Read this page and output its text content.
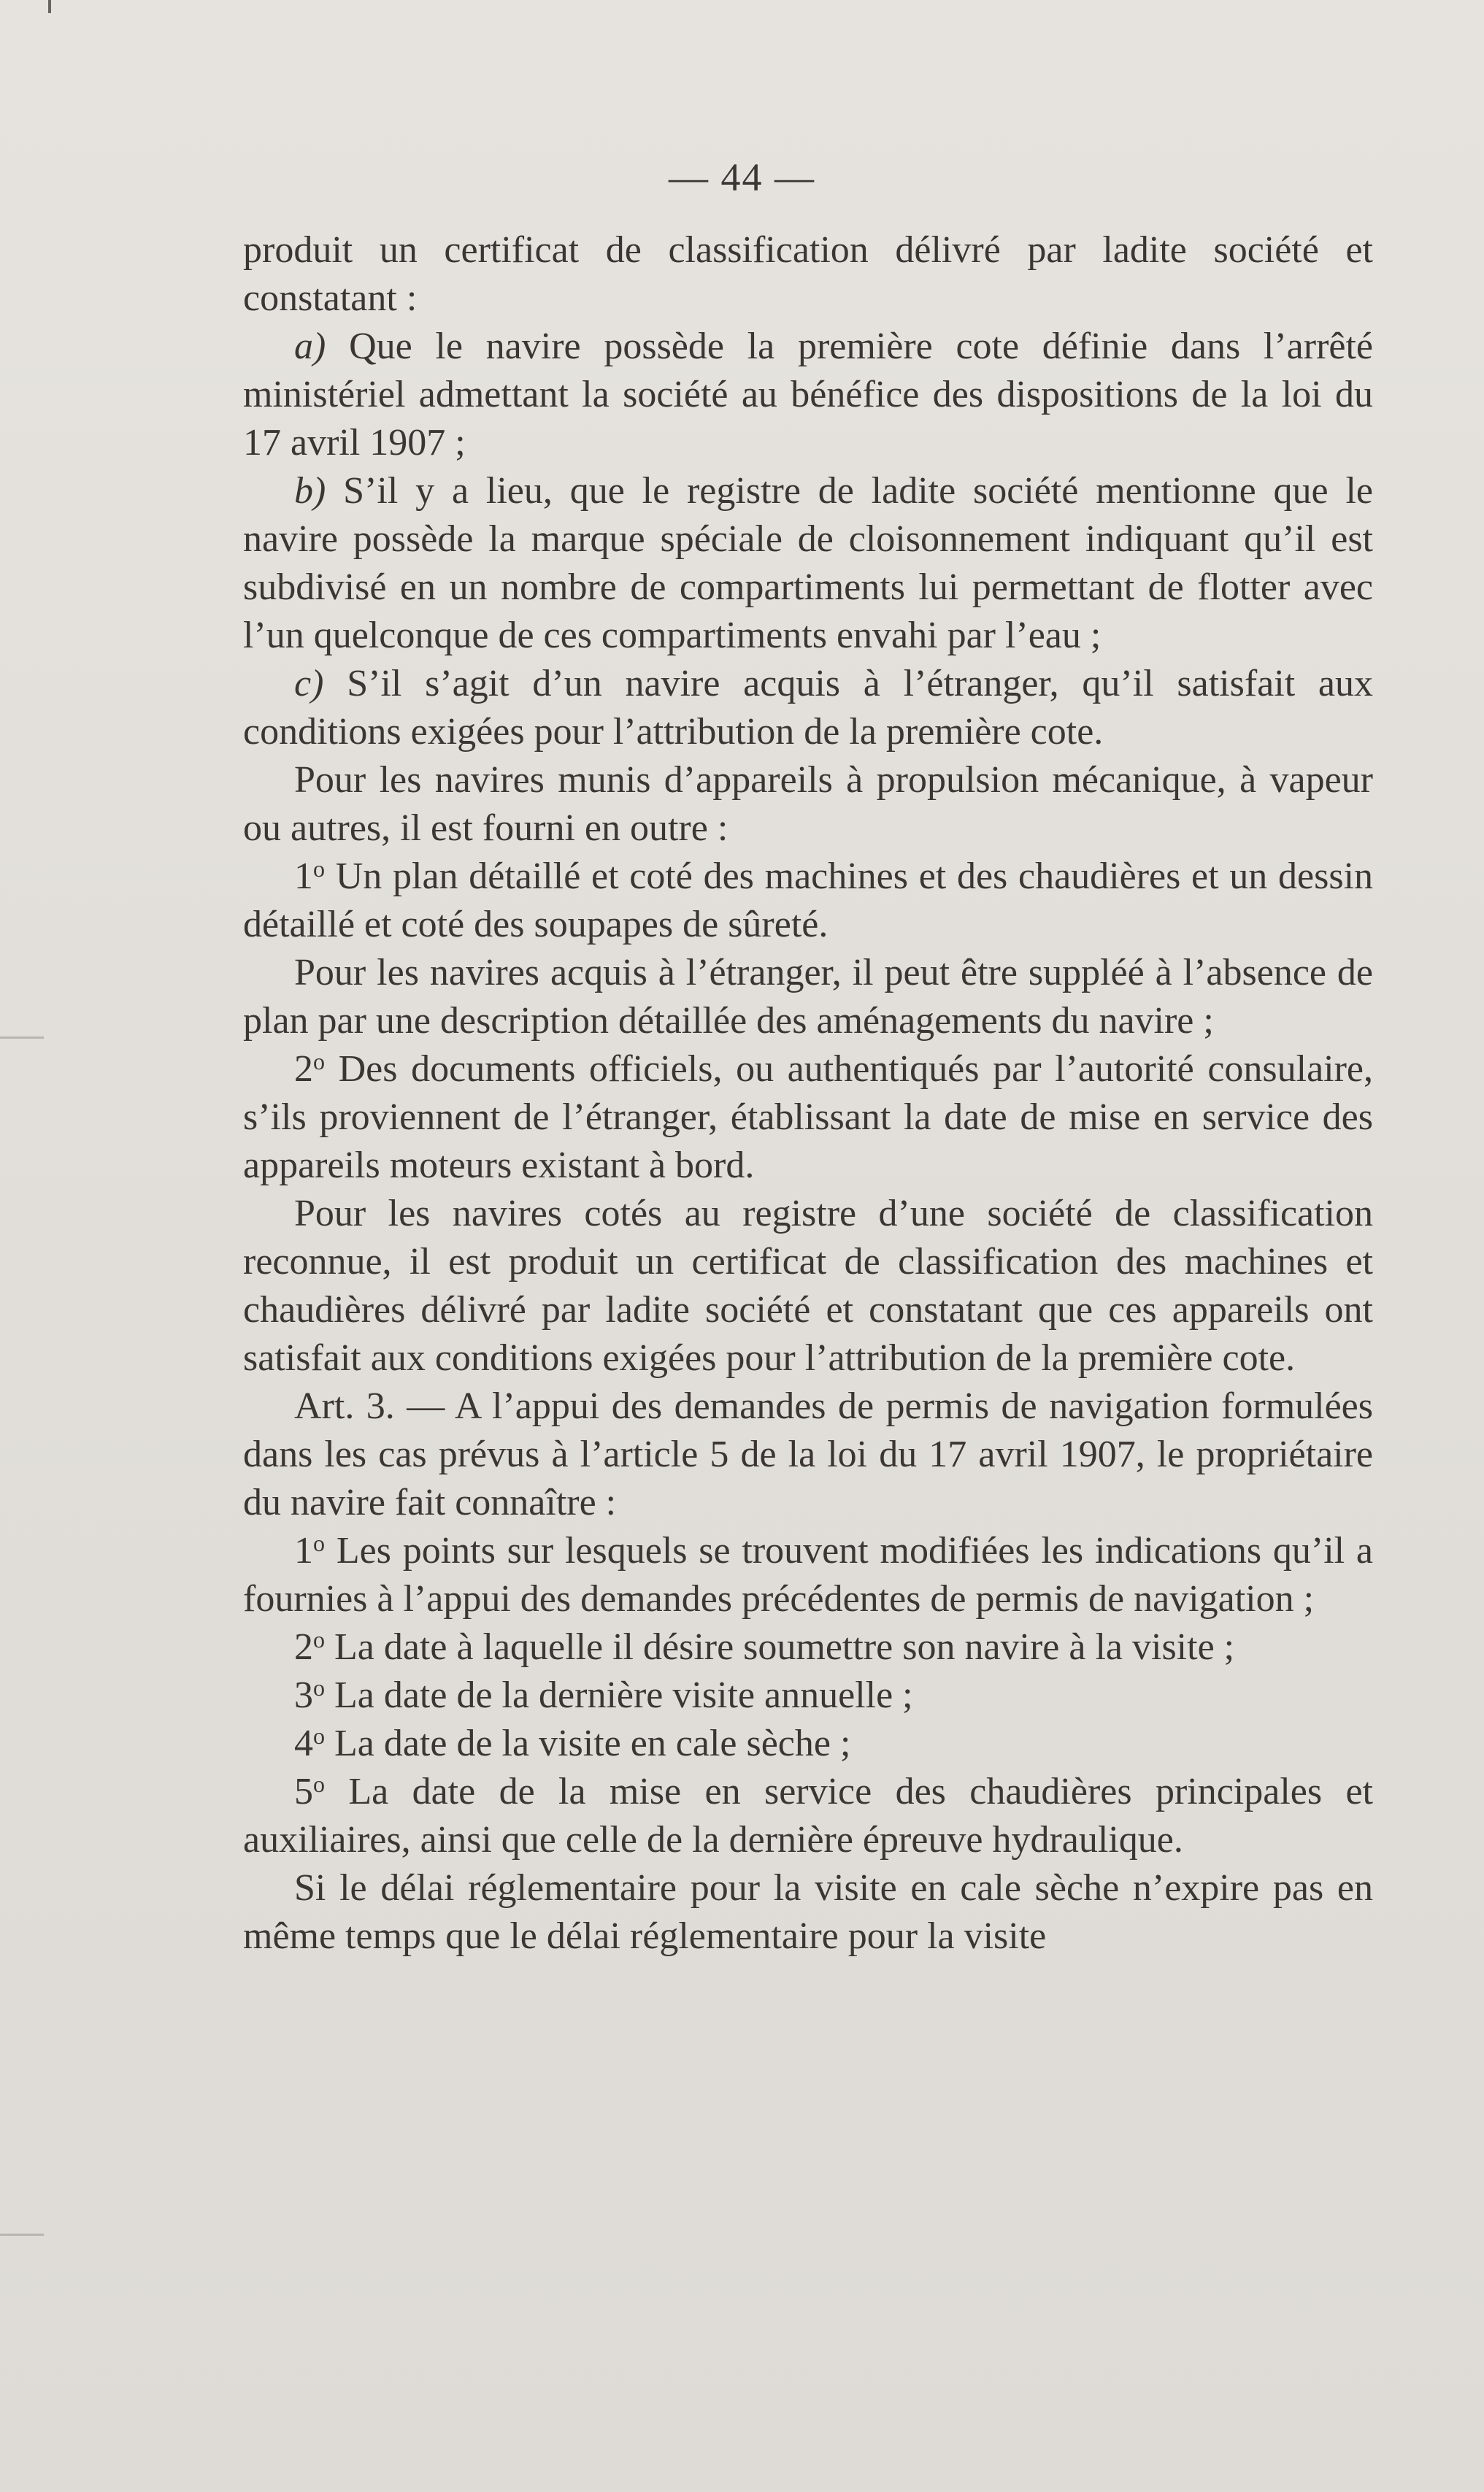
— 44 —

produit un certificat de classification délivré par ladite société et constatant :

a) Que le navire possède la première cote définie dans l’arrêté ministériel admettant la société au bénéfice des dispositions de la loi du 17 avril 1907 ;

b) S’il y a lieu, que le registre de ladite société mentionne que le navire possède la marque spéciale de cloisonnement indiquant qu’il est subdivisé en un nombre de compartiments lui permettant de flotter avec l’un quelconque de ces compartiments envahi par l’eau ;

c) S’il s’agit d’un navire acquis à l’étranger, qu’il satisfait aux conditions exigées pour l’attribution de la première cote.

Pour les navires munis d’appareils à propulsion mécanique, à vapeur ou autres, il est fourni en outre :

1$^o$ Un plan détaillé et coté des machines et des chaudières et un dessin détaillé et coté des soupapes de sûreté.

Pour les navires acquis à l’étranger, il peut être suppléé à l’absence de plan par une description détaillée des aménagements du navire ;

2$^o$ Des documents officiels, ou authentiqués par l’autorité consulaire, s’ils proviennent de l’étranger, établissant la date de mise en service des appareils moteurs existant à bord.

Pour les navires cotés au registre d’une société de classification reconnue, il est produit un certificat de classification des machines et chaudières délivré par ladite société et constatant que ces appareils ont satisfait aux conditions exigées pour l’attribution de la première cote.

Art. 3. — A l’appui des demandes de permis de navigation formulées dans les cas prévus à l’article 5 de la loi du 17 avril 1907, le propriétaire du navire fait connaître :

1$^o$ Les points sur lesquels se trouvent modifiées les indications qu’il a fournies à l’appui des demandes précédentes de permis de navigation ;

2$^o$ La date à laquelle il désire soumettre son navire à la visite ;

3$^o$ La date de la dernière visite annuelle ;

4$^o$ La date de la visite en cale sèche ;

5$^o$ La date de la mise en service des chaudières principales et auxiliaires, ainsi que celle de la dernière épreuve hydraulique.

Si le délai réglementaire pour la visite en cale sèche n’expire pas en même temps que le délai réglementaire pour la visite
